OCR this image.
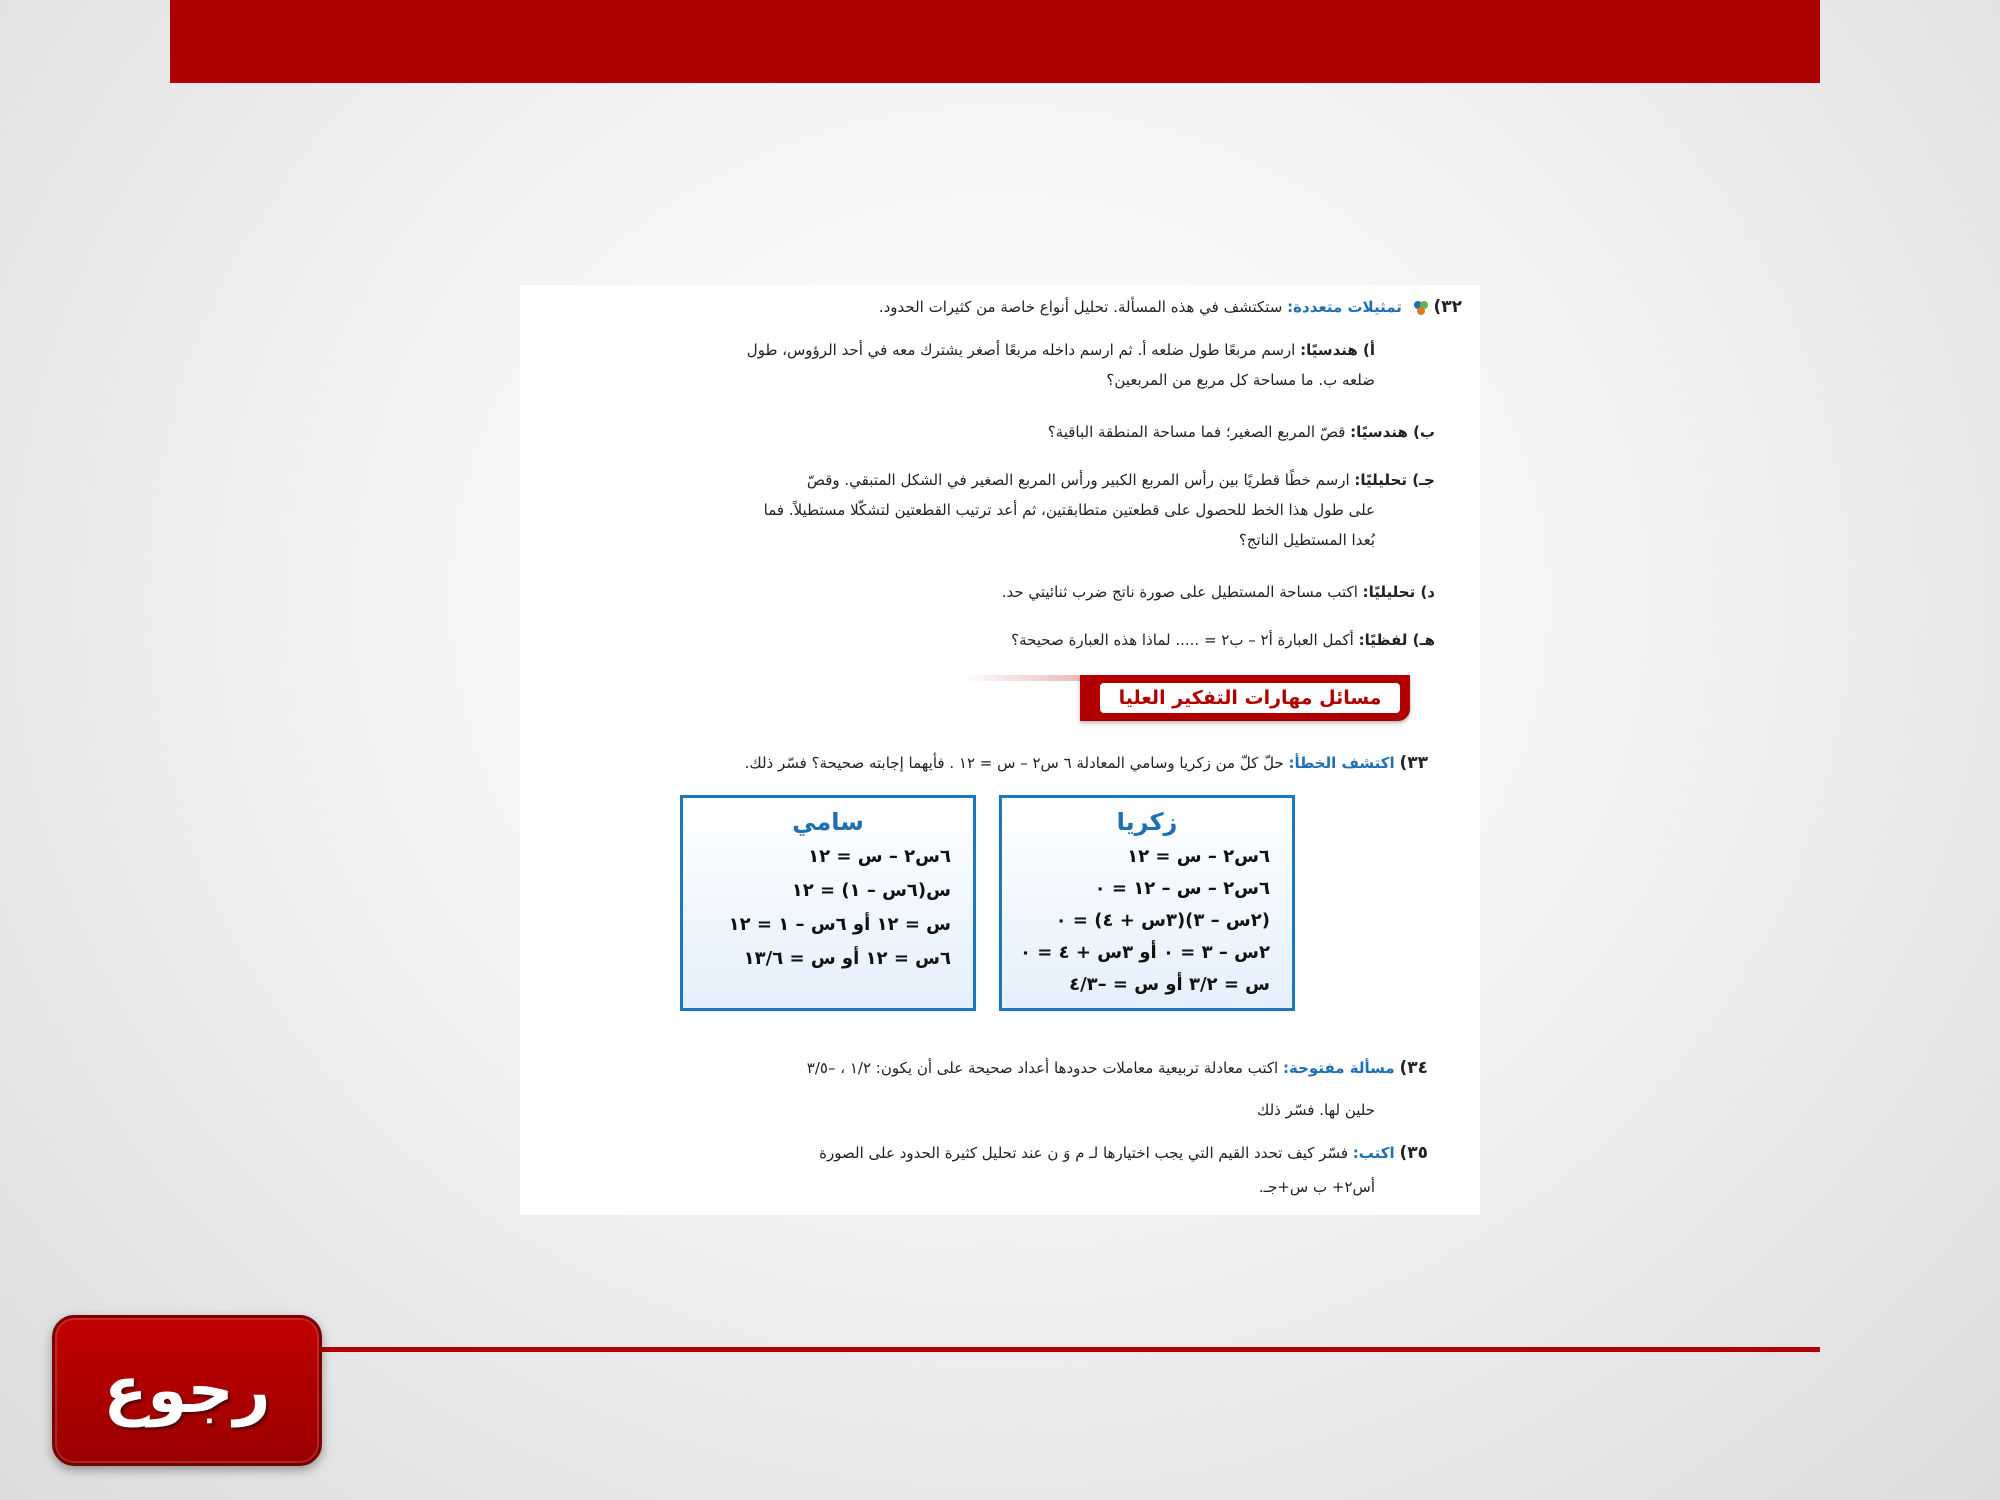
٣٢)  تمثيلات متعددة: ستكتشف في هذه المسألة. تحليل أنواع خاصة من كثيرات الحدود.
أ) هندسيًا: ارسم مربعًا طول ضلعه أ. ثم ارسم داخله مربعًا أصغر يشترك معه في أحد الرؤوس، طول
ضلعه ب. ما مساحة كل مربع من المربعين؟
ب) هندسيًا: قصّ المربع الصغير؛ فما مساحة المنطقة الباقية؟
جـ) تحليليًا: ارسم خطًا قطريًا بين رأس المربع الكبير ورأس المربع الصغير في الشكل المتبقي. وقصّ
على طول هذا الخط للحصول على قطعتين متطابقتين، ثم أعد ترتيب القطعتين لتشكّلا مستطيلاً. فما
بُعدا المستطيل الناتج؟
د) تحليليًا: اكتب مساحة المستطيل على صورة ناتج ضرب ثنائيتي حد.
هـ) لفظيًا: أكمل العبارة أ٢ – ب٢ = ..... لماذا هذه العبارة صحيحة؟
مسائل مهارات التفكير العليا
٣٣) اكتشف الخطأ: حلّ كلّ من زكريا وسامي المعادلة ٦ س٢ – س = ١٢ . فأيهما إجابته صحيحة؟ فسّر ذلك.
زكريا
٦س٢ – س = ١٢
٦س٢ – س – ١٢ = ٠
(٢س – ٣)(٣س + ٤) = ٠
٢س – ٣ = ٠ أو ٣س + ٤ = ٠
س = ٣/٢ أو س = –٤/٣
سامي
٦س٢ – س = ١٢
س(٦س – ١) = ١٢
س = ١٢ أو ٦س – ١ = ١٢
٦س = ١٢ أو س = ١٣/٦
٣٤) مسألة مفتوحة: اكتب معادلة تربيعية معاملات حدودها أعداد صحيحة على أن يكون: ١/٢ ، –٣/٥
حلين لها. فسّر ذلك
٣٥) اكتب: فسّر كيف تحدد القيم التي يجب اختيارها لـ م وَ ن عند تحليل كثيرة الحدود على الصورة
أس٢+ ب س+جـ.
رجوع
